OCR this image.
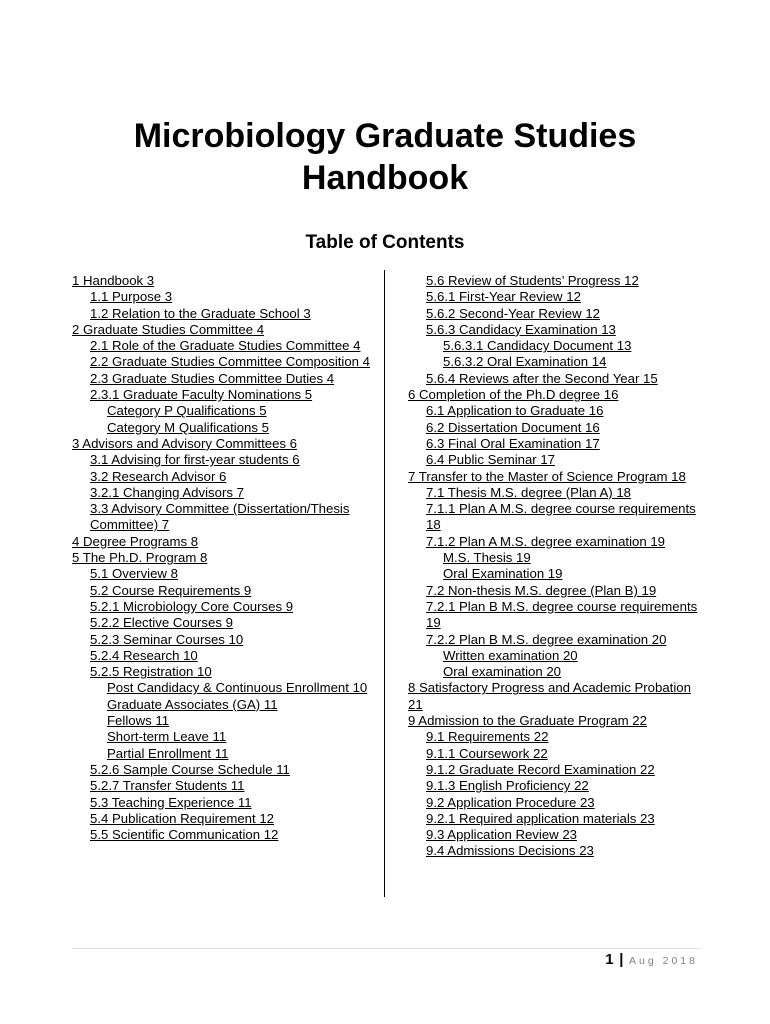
Microbiology Graduate Studies
Handbook
Table of Contents
1 Handbook 3
1.1 Purpose 3
1.2 Relation to the Graduate School 3
2 Graduate Studies Committee 4
2.1 Role of the Graduate Studies Committee 4
2.2 Graduate Studies Committee Composition 4
2.3 Graduate Studies Committee Duties 4
2.3.1 Graduate Faculty Nominations 5
Category P Qualifications 5
Category M Qualifications 5
3 Advisors and Advisory Committees 6
3.1 Advising for first-year students 6
3.2 Research Advisor 6
3.2.1 Changing Advisors 7
3.3 Advisory Committee (Dissertation/Thesis Committee) 7
4 Degree Programs 8
5 The Ph.D. Program 8
5.1 Overview 8
5.2 Course Requirements 9
5.2.1 Microbiology Core Courses 9
5.2.2 Elective Courses 9
5.2.3 Seminar Courses 10
5.2.4 Research 10
5.2.5 Registration 10
Post Candidacy & Continuous Enrollment 10
Graduate Associates (GA) 11
Fellows 11
Short-term Leave 11
Partial Enrollment 11
5.2.6 Sample Course Schedule 11
5.2.7 Transfer Students 11
5.3 Teaching Experience 11
5.4 Publication Requirement 12
5.5 Scientific Communication 12
5.6 Review of Students’ Progress 12
5.6.1 First-Year Review 12
5.6.2 Second-Year Review 12
5.6.3 Candidacy Examination 13
5.6.3.1 Candidacy Document 13
5.6.3.2 Oral Examination 14
5.6.4 Reviews after the Second Year 15
6 Completion of the Ph.D degree 16
6.1 Application to Graduate 16
6.2 Dissertation Document 16
6.3 Final Oral Examination 17
6.4 Public Seminar 17
7 Transfer to the Master of Science Program 18
7.1 Thesis M.S. degree (Plan A) 18
7.1.1 Plan A M.S. degree course requirements 18
7.1.2 Plan A M.S. degree examination 19
M.S. Thesis 19
Oral Examination 19
7.2 Non-thesis M.S. degree (Plan B) 19
7.2.1 Plan B M.S. degree course requirements 19
7.2.2 Plan B M.S. degree examination 20
Written examination 20
Oral examination 20
8 Satisfactory Progress and Academic Probation 21
9 Admission to the Graduate Program 22
9.1 Requirements 22
9.1.1 Coursework 22
9.1.2 Graduate Record Examination 22
9.1.3 English Proficiency 22
9.2 Application Procedure 23
9.2.1 Required application materials 23
9.3 Application Review 23
9.4 Admissions Decisions 23
1 | Aug 2018
